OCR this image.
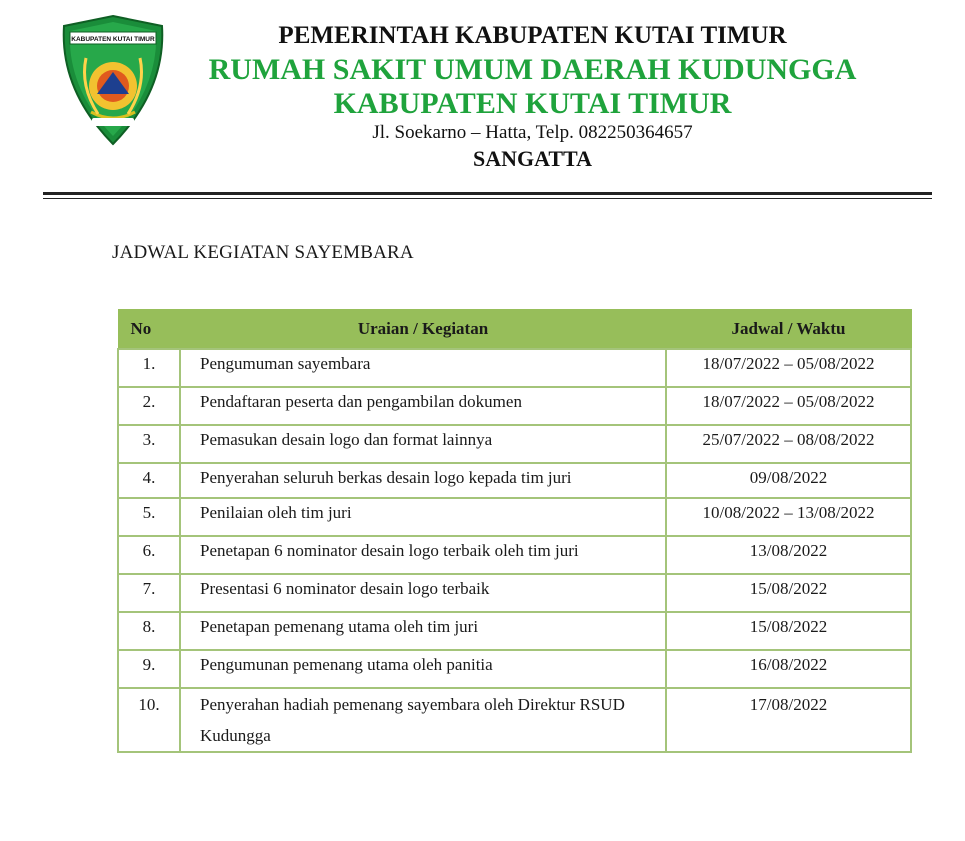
KABUPATEN KUTAI TIMUR	PEMERINTAH KABUPATEN KUTAI TIMUR
RUMAH SAKIT UMUM DAERAH KUDUNGGA
KABUPATEN KUTAI TIMUR
Jl. Soekarno – Hatta, Telp. 082250364657
SANGATTA
JADWAL KEGIATAN SAYEMBARA
No	Uraian / Kegiatan	Jadwal / Waktu

1.	Pengumuman sayembara	18/07/2022 – 05/08/2022

2.	Pendaftaran peserta dan pengambilan dokumen	18/07/2022 – 05/08/2022

3.	Pemasukan desain logo dan format lainnya	25/07/2022 – 08/08/2022

4.	Penyerahan seluruh berkas desain logo kepada tim juri	09/08/2022

5.	Penilaian oleh tim juri	10/08/2022 – 13/08/2022

6.	Penetapan 6 nominator desain logo terbaik oleh tim juri	13/08/2022

7.	Presentasi 6 nominator desain logo terbaik	15/08/2022

8.	Penetapan pemenang utama oleh tim juri	15/08/2022

9.	Pengumunan pemenang utama oleh panitia	16/08/2022

10.	Penyerahan hadiah pemenang sayembara oleh Direktur RSUD Kudungga	17/08/2022
